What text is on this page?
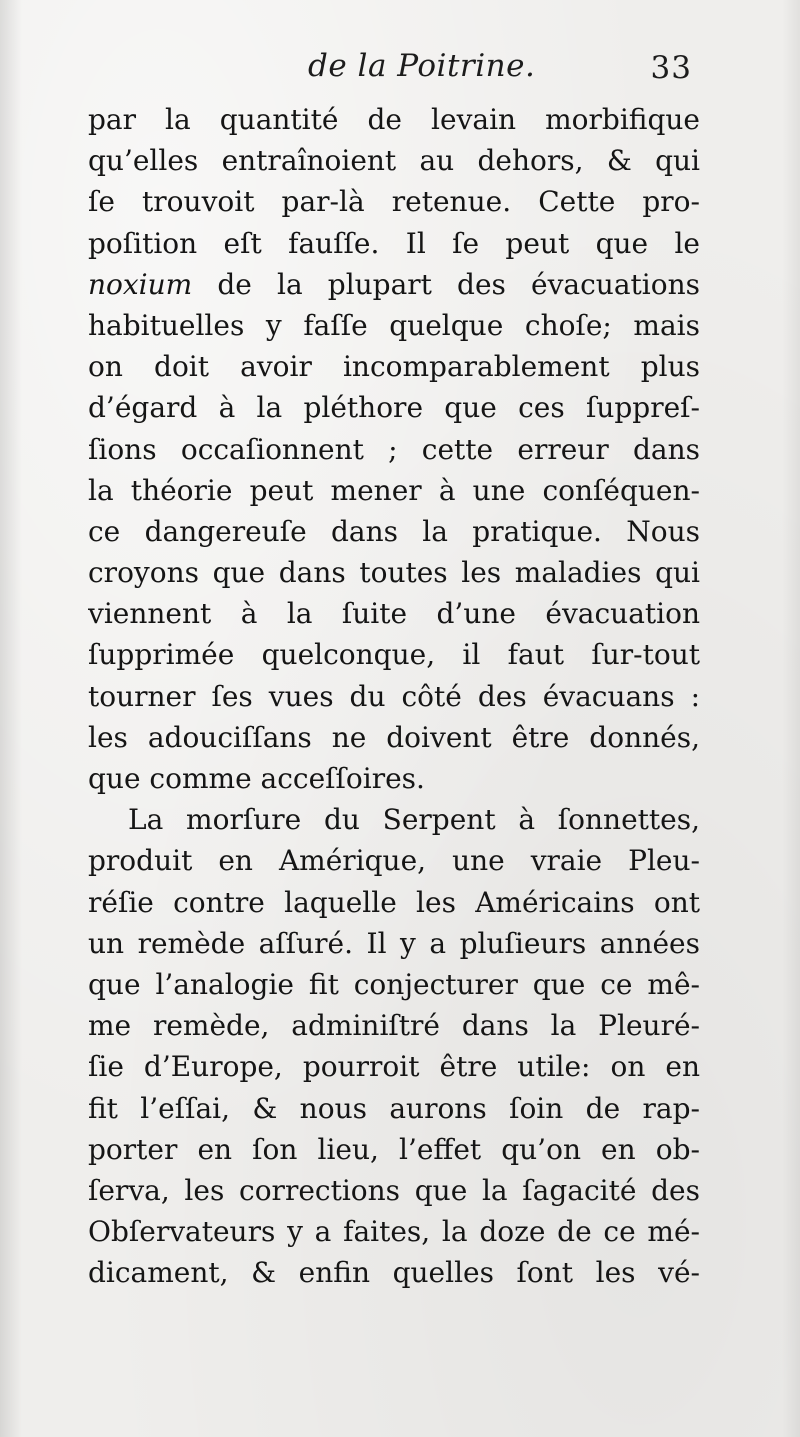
de la Poitrine.	33
par la quantité de levain morbifique
qu’elles entraînoient au dehors, & qui
ſe trouvoit par-là retenue. Cette pro-
poſition eſt fauſſe. Il ſe peut que le
noxium de la plupart des évacuations
habituelles y faſſe quelque choſe; mais
on doit avoir incomparablement plus
d’égard à la pléthore que ces ſuppreſ-
ſions occaſionnent ; cette erreur dans
la théorie peut mener à une conſéquen-
ce dangereuſe dans la pratique. Nous
croyons que dans toutes les maladies qui
viennent à la ſuite d’une évacuation
ſupprimée quelconque, il faut ſur-tout
tourner ſes vues du côté des évacuans :
les adouciſſans ne doivent être donnés,
que comme acceſſoires.
La morſure du Serpent à ſonnettes,
produit en Amérique, une vraie Pleu-
réſie contre laquelle les Américains ont
un remède aſſuré. Il y a pluſieurs années
que l’analogie fit conjecturer que ce mê-
me remède, adminiſtré dans la Pleuré-
ſie d’Europe, pourroit être utile: on en
fit l’eſſai, & nous aurons ſoin de rap-
porter en ſon lieu, l’effet qu’on en ob-
ſerva, les corrections que la ſagacité des
Obſervateurs y a faites, la doze de ce mé-
dicament, & enfin quelles ſont les vé-
